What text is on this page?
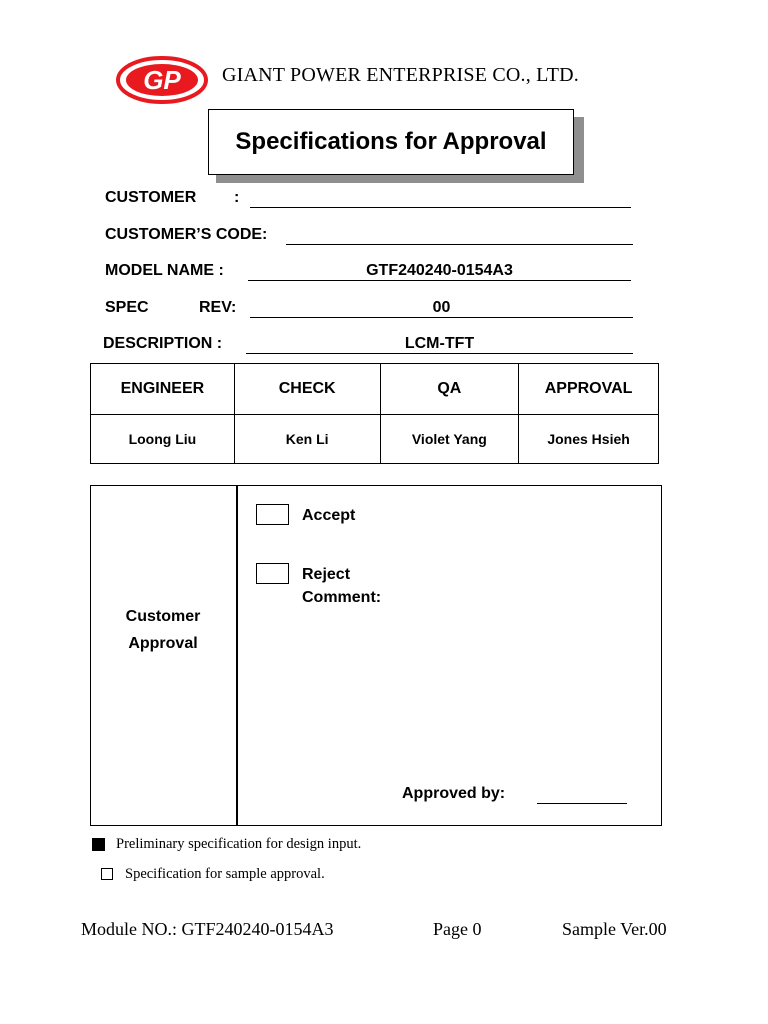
GP GIANT POWER ENTERPRISE CO., LTD.
Specifications for Approval
CUSTOMER :
CUSTOMER’S CODE:
MODEL NAME :	GTF240240-0154A3
SPEC	REV:	00
DESCRIPTION :	LCM-TFT
ENGINEER	CHECK	QA	APPROVAL
Loong Liu	Ken Li	Violet Yang	Jones Hsieh
Customer
Approval
Accept
Reject
Comment:
Approved by:
Preliminary specification for design input.
Specification for sample approval.
Module NO.: GTF240240-0154A3	Page 0	Sample Ver.00
